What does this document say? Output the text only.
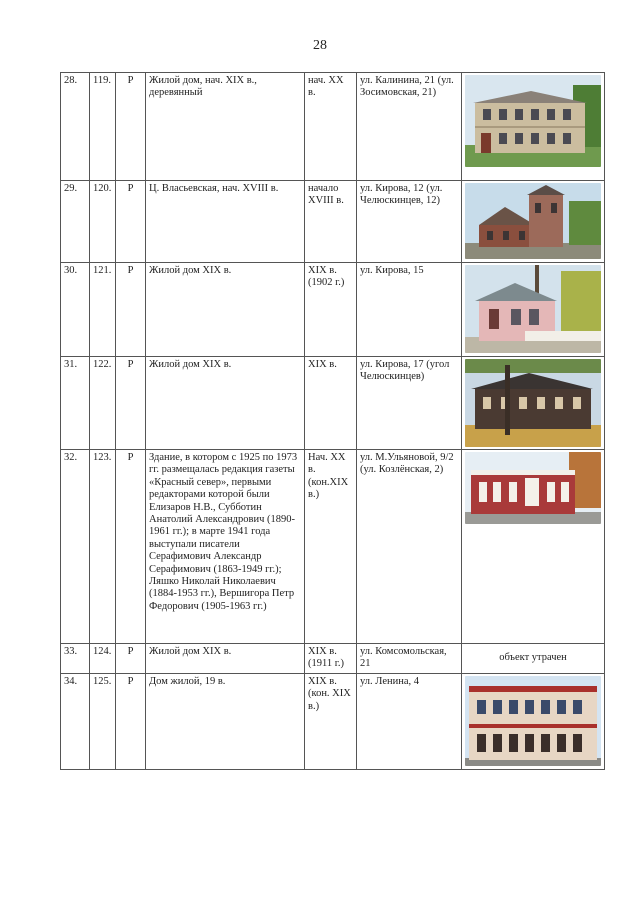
28
28.	119.	Р	Жилой дом, нач. XIX в., деревянный	нач. XX в.	ул. Калинина, 21 (ул. Зосимовская, 21)	

29.	120.	Р	Ц. Власьевская, нач. XVIII в.	начало XVIII в.	ул. Кирова, 12 (ул. Челюскинцев, 12)	

30.	121.	Р	Жилой дом XIX в.	XIX в. (1902 г.)	ул. Кирова, 15	

31.	122.	Р	Жилой дом XIX в.	XIX в.	ул. Кирова, 17 (угол Челюскинцев)	

32.	123.	Р	Здание, в котором с 1925 по 1973 гг. размещалась редакция газеты «Красный север», первыми редакторами которой были Елизаров Н.В., Субботин Анатолий Александрович (1890-1961 гг.); в марте 1941 года выступали писатели Серафимович Александр Серафимович (1863-1949 гг.); Ляшко Николай Николаевич (1884-1953 гг.), Вершигора Петр Федорович (1905-1963 гг.)	Нач. XX в. (кон.XIX в.)	ул. М.Ульяновой, 9/2 (ул. Козлёнская, 2)	

33.	124.	Р	Жилой дом XIX в.	XIX в. (1911 г.)	ул. Комсомольская, 21	объект утрачен
34.	125.	Р	Дом жилой, 19 в.	XIX в. (кон. XIX в.)	ул. Ленина, 4	
